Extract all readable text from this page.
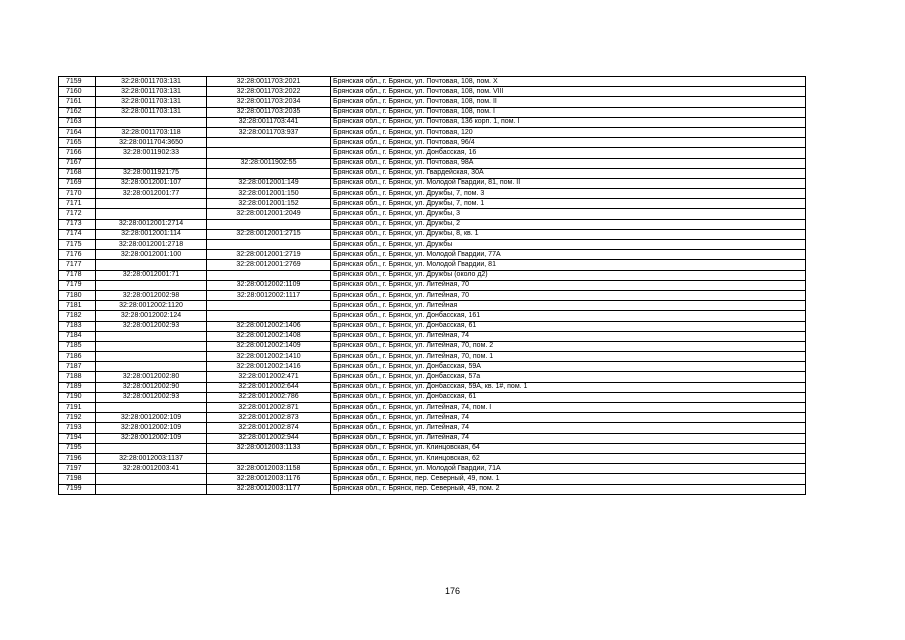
7159	32:28:0011703:131	32:28:0011703:2021	Брянская обл., г. Брянск, ул. Почтовая, 108, пом. X
7160	32:28:0011703:131	32:28:0011703:2022	Брянская обл., г. Брянск, ул. Почтовая, 108, пом. VIII
7161	32:28:0011703:131	32:28:0011703:2034	Брянская обл., г. Брянск, ул. Почтовая, 108, пом. II
7162	32:28:0011703:131	32:28:0011703:2035	Брянская обл., г. Брянск, ул. Почтовая, 108, пом. I
7163		32:28:0011703:441	Брянская обл., г. Брянск, ул. Почтовая, 136 корп. 1, пом. I
7164	32:28:0011703:118	32:28:0011703:937	Брянская обл., г. Брянск, ул. Почтовая, 120
7165	32:28:0011704:3650		Брянская обл., г. Брянск, ул. Почтовая, 96/4
7166	32:28:0011902:33		Брянская обл., г. Брянск, ул. Донбасская, 16
7167		32:28:0011902:55	Брянская обл., г. Брянск, ул. Почтовая, 98А
7168	32:28:0011921:75		Брянская обл., г. Брянск, ул. Гвардейская, 30А
7169	32:28:0012001:107	32:28:0012001:149	Брянская обл., г. Брянск, ул. Молодой Гвардии, 81, пом. II
7170	32:28:0012001:77	32:28:0012001:150	Брянская обл., г. Брянск, ул. Дружбы, 7, пом. 3
7171		32:28:0012001:152	Брянская обл., г. Брянск, ул. Дружбы, 7, пом. 1
7172		32:28:0012001:2049	Брянская обл., г. Брянск, ул. Дружбы, 3
7173	32:28:0012001:2714		Брянская обл., г. Брянск, ул. Дружбы, 2
7174	32:28:0012001:114	32:28:0012001:2715	Брянская обл., г. Брянск, ул. Дружбы, 8, кв. 1
7175	32:28:0012001:2718		Брянская обл., г. Брянск, ул. Дружбы
7176	32:28:0012001:100	32:28:0012001:2719	Брянская обл., г. Брянск, ул. Молодой Гвардии, 77А
7177		32:28:0012001:2769	Брянская обл., г. Брянск, ул. Молодой Гвардии, 81
7178	32:28:0012001:71		Брянская обл., г. Брянск, ул. Дружбы (около д2)
7179		32:28:0012002:1109	Брянская обл., г. Брянск, ул. Литейная, 70
7180	32:28:0012002:98	32:28:0012002:1117	Брянская обл., г. Брянск, ул. Литейная, 70
7181	32:28:0012002:1120		Брянская обл., г. Брянск, ул. Литейная
7182	32:28:0012002:124		Брянская обл., г. Брянск, ул. Донбасская, 161
7183	32:28:0012002:93	32:28:0012002:1406	Брянская обл., г. Брянск, ул. Донбасская, 61
7184		32:28:0012002:1408	Брянская обл., г. Брянск, ул. Литейная, 74
7185		32:28:0012002:1409	Брянская обл., г. Брянск, ул. Литейная, 70, пом. 2
7186		32:28:0012002:1410	Брянская обл., г. Брянск, ул. Литейная, 70, пом. 1
7187		32:28:0012002:1416	Брянская обл., г. Брянск, ул. Донбасская, 59А
7188	32:28:0012002:80	32:28:0012002:471	Брянская обл., г. Брянск, ул. Донбасская, 57а
7189	32:28:0012002:90	32:28:0012002:644	Брянская обл., г. Брянск, ул. Донбасская, 59А, кв. 1#, пом. 1
7190	32:28:0012002:93	32:28:0012002:786	Брянская обл., г. Брянск, ул. Донбасская, 61
7191		32:28:0012002:871	Брянская обл., г. Брянск, ул. Литейная, 74, пом. I
7192	32:28:0012002:109	32:28:0012002:873	Брянская обл., г. Брянск, ул. Литейная, 74
7193	32:28:0012002:109	32:28:0012002:874	Брянская обл., г. Брянск, ул. Литейная, 74
7194	32:28:0012002:109	32:28:0012002:944	Брянская обл., г. Брянск, ул. Литейная, 74
7195		32:28:0012003:1133	Брянская обл., г. Брянск, ул. Клинцовская, 64
7196	32:28:0012003:1137		Брянская обл., г. Брянск, ул. Клинцовская, 62
7197	32:28:0012003:41	32:28:0012003:1158	Брянская обл., г. Брянск, ул. Молодой Гвардии, 71А
7198		32:28:0012003:1176	Брянская обл., г. Брянск, пер. Северный, 49, пом. 1
7199		32:28:0012003:1177	Брянская обл., г. Брянск, пер. Северный, 49, пом. 2
176
